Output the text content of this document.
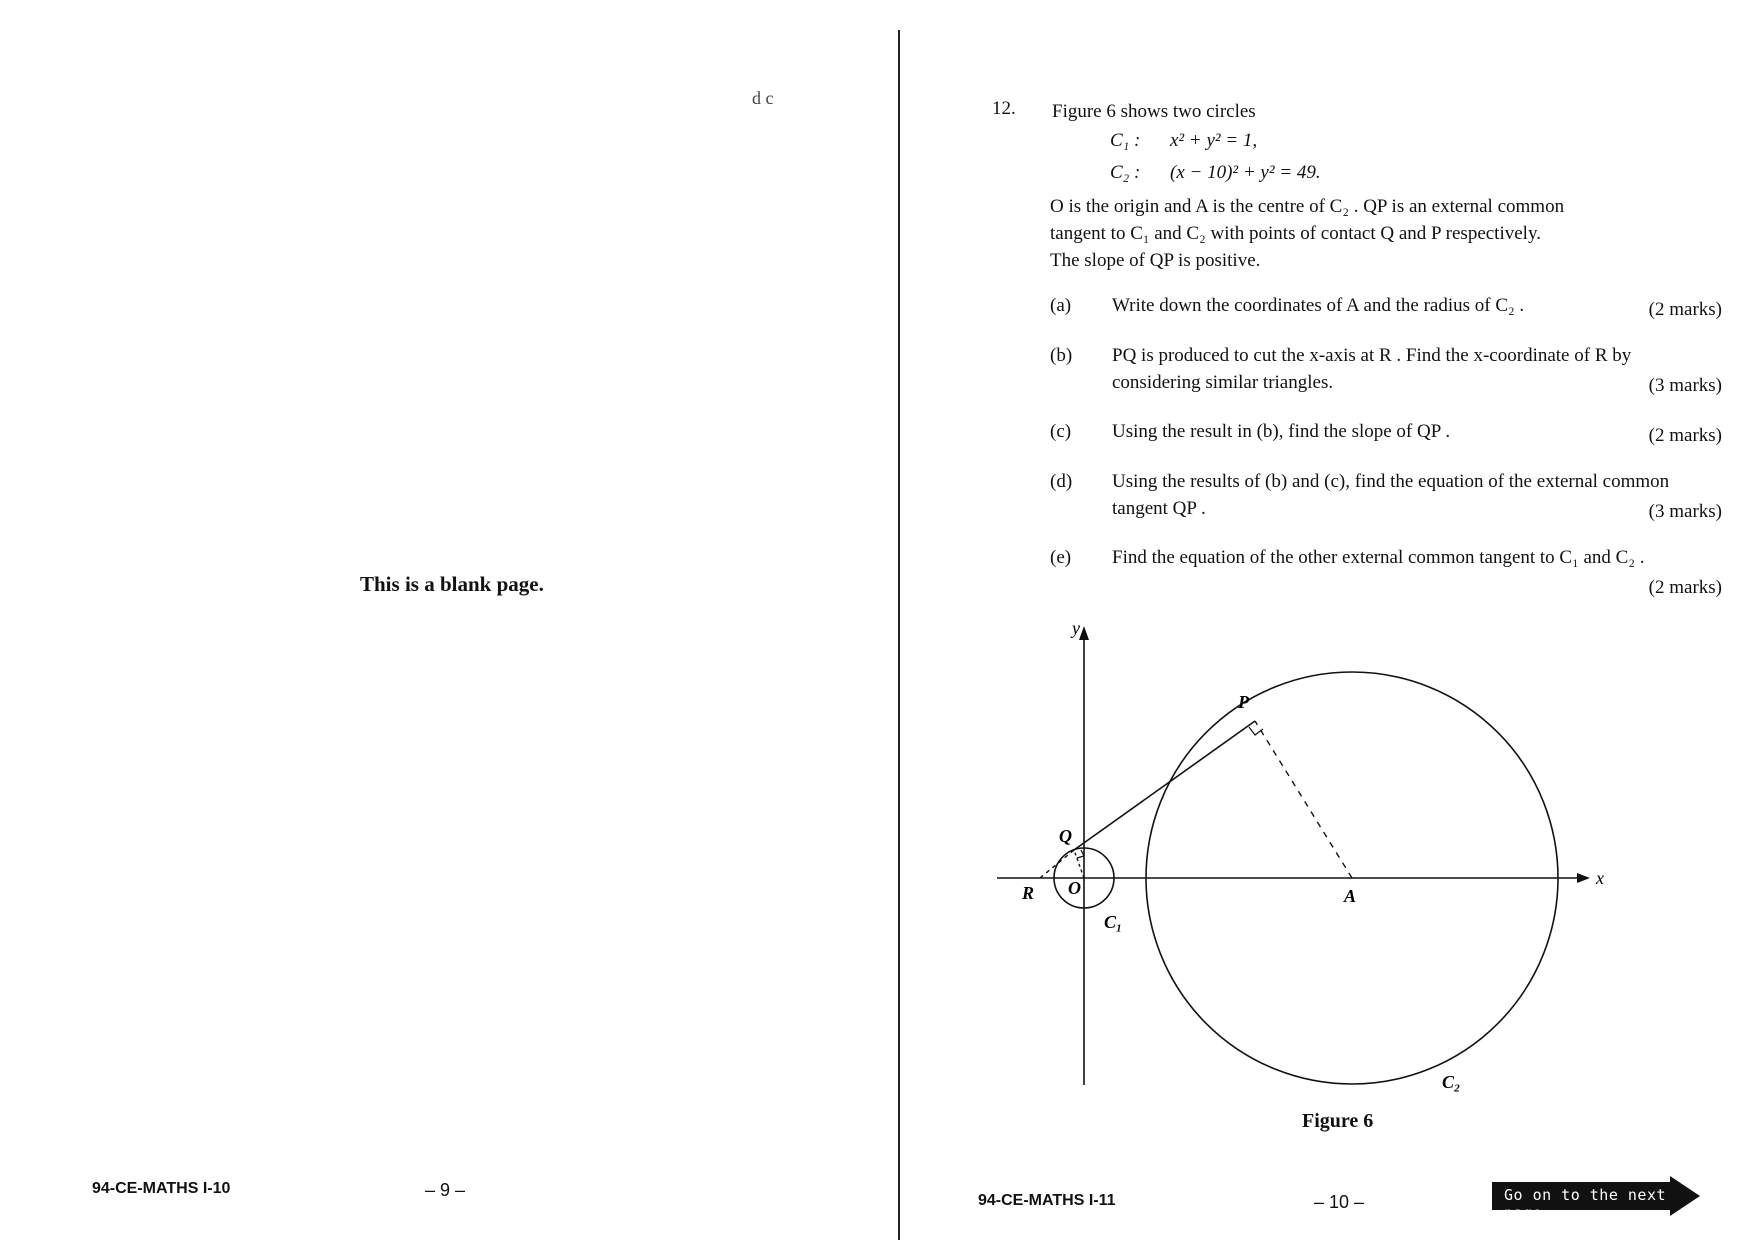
d c
This is a blank page.
94-CE-MATHS I-10	– 9 –
12. Figure 6 shows two circles
C₁ : x² + y² = 1,
C₂ : (x − 10)² + y² = 49.
O is the origin and A is the centre of C₂ . QP is an external common
tangent to C₁ and C₂ with points of contact Q and P respectively.
The slope of QP is positive.
(a) Write down the coordinates of A and the radius of C₂ .	(2 marks)
(b) PQ is produced to cut the x-axis at R . Find the x-coordinate of R by considering similar triangles.	(3 marks)
(c) Using the result in (b), find the slope of QP .	(2 marks)
(d) Using the results of (b) and (c), find the equation of the external common tangent QP .	(3 marks)
(e) Find the equation of the other external common tangent to C₁ and C₂ .
(2 marks)
y
x
P
Q
O
R	A
C₁
C₂
Figure 6
94-CE-MATHS I-11	– 10 –	Go on to the next page
